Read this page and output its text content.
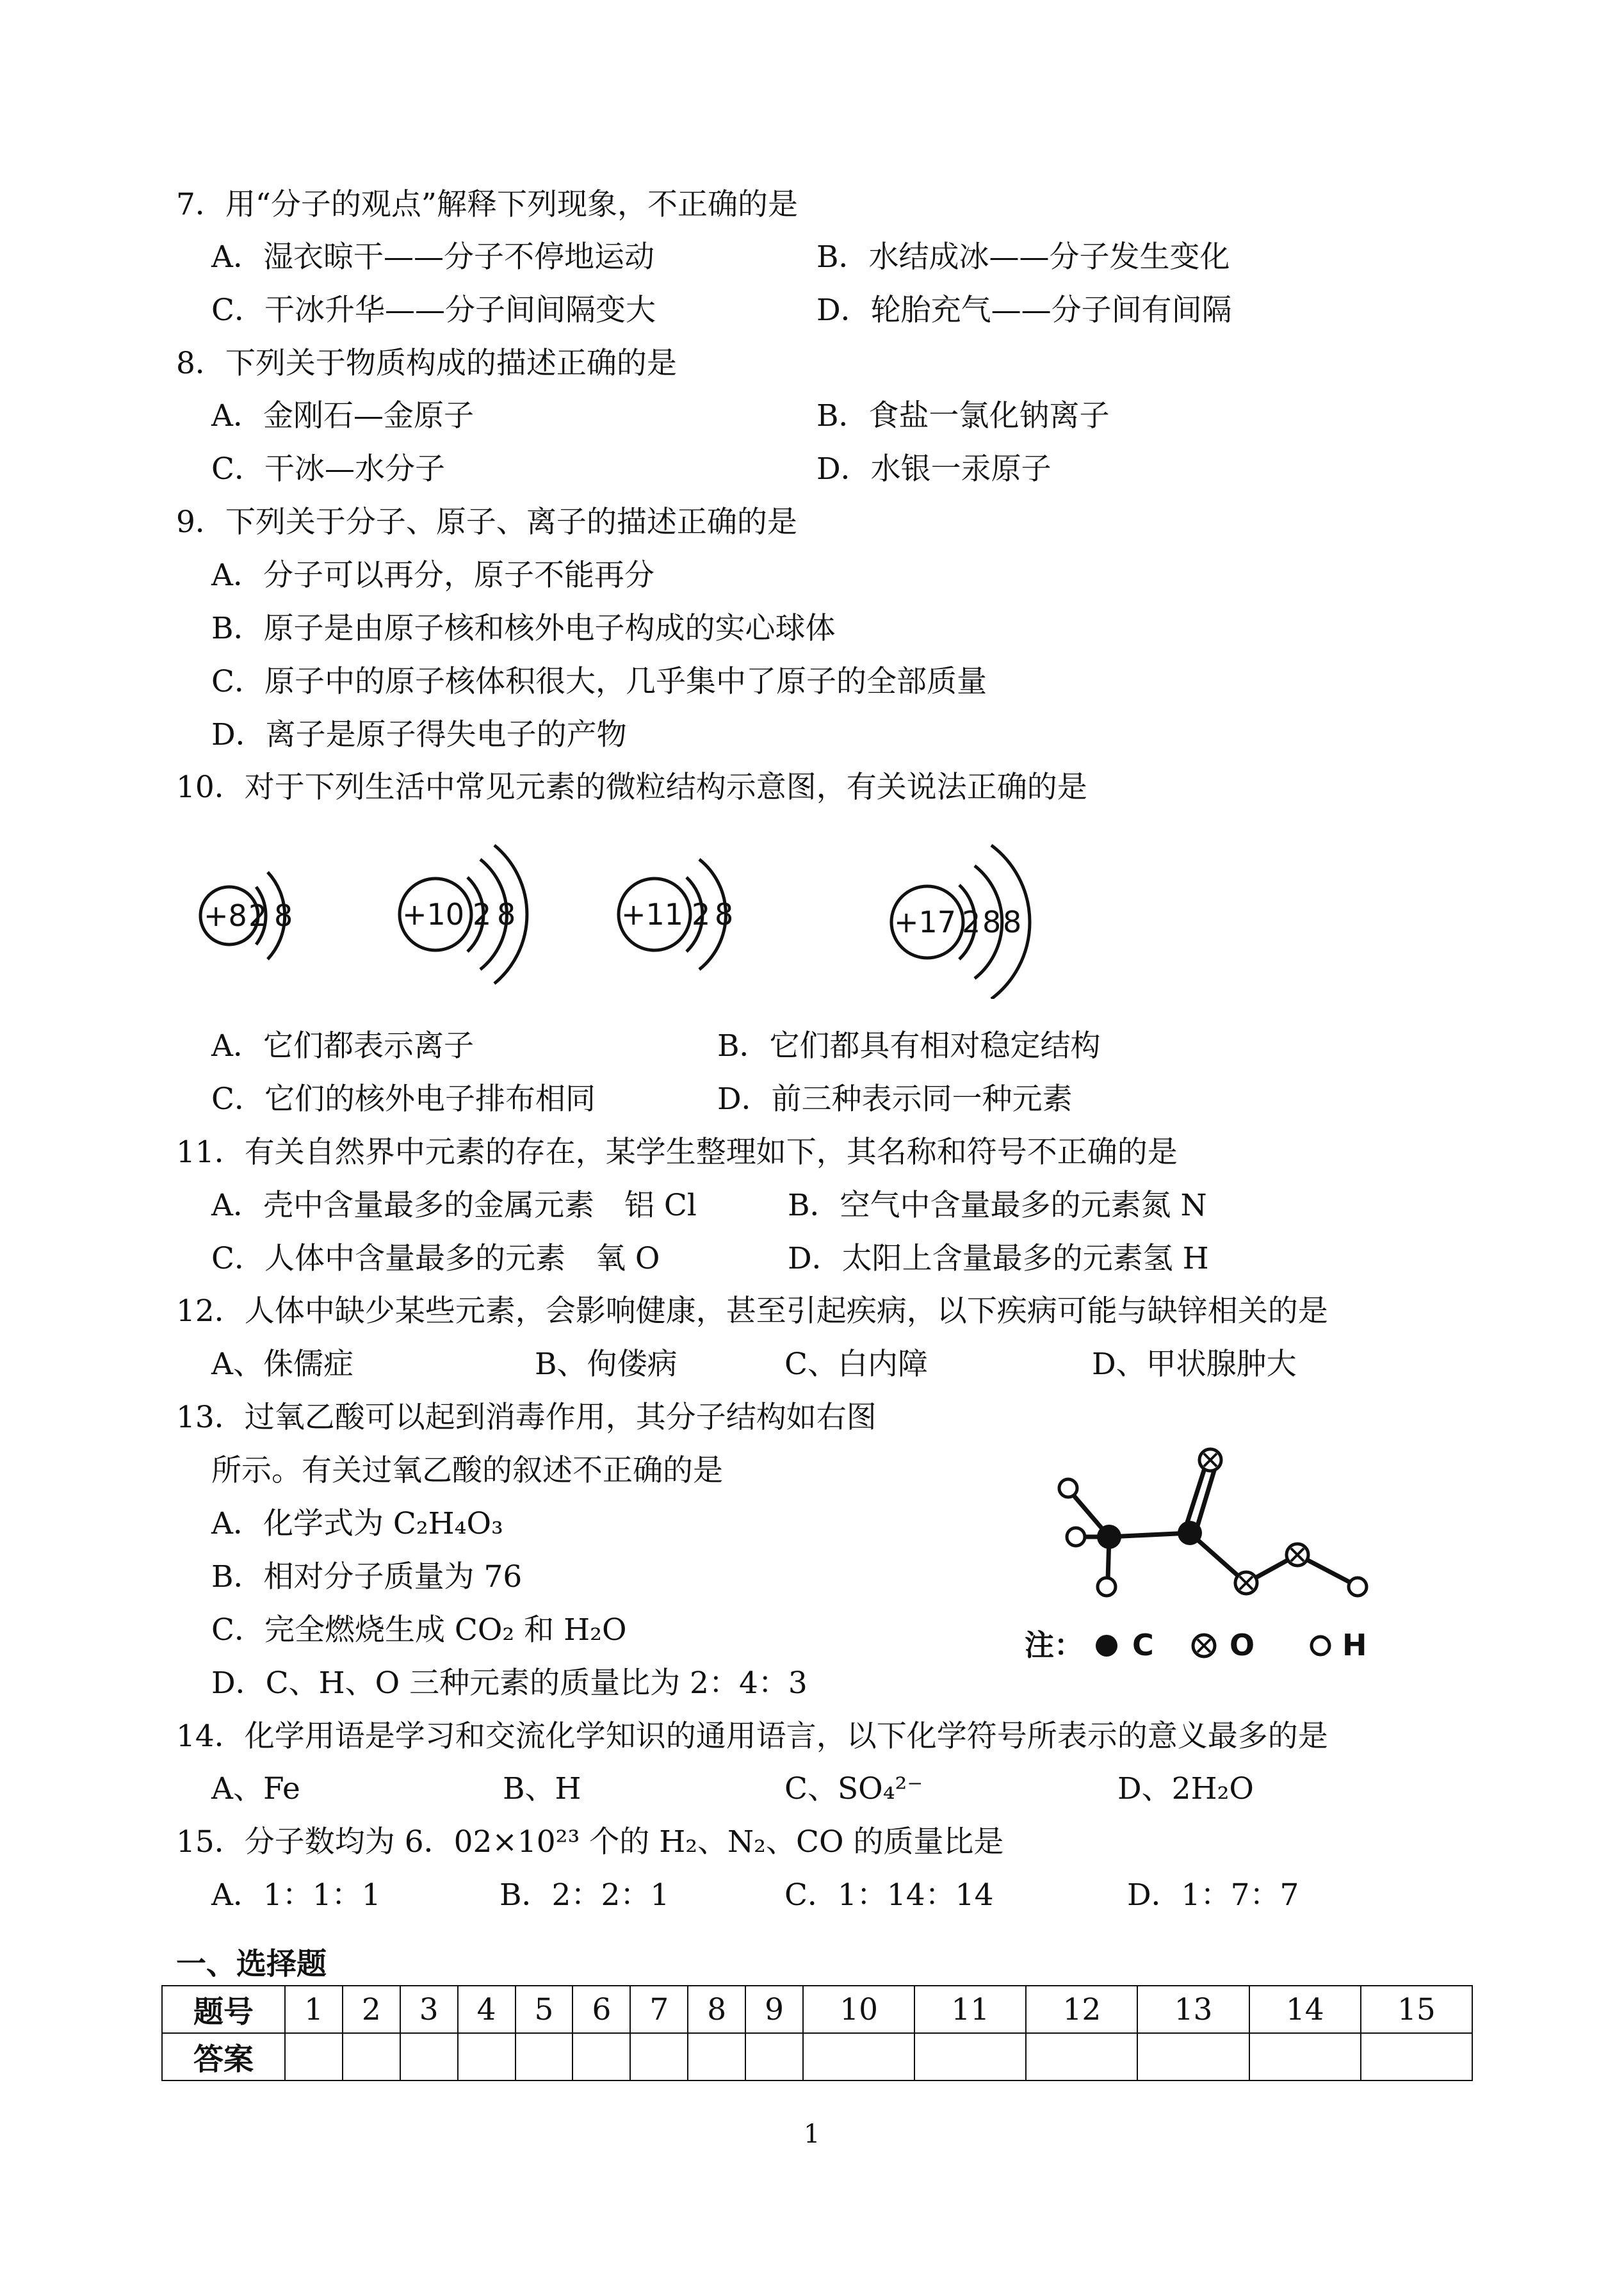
7．用“分子的观点”解释下列现象，不正确的是
A．湿衣晾干——分子不停地运动	B．水结成冰——分子发生变化
C．干冰升华——分子间间隔变大	D．轮胎充气——分子间有间隔
8．下列关于物质构成的描述正确的是
A．金刚石—金原子	B．食盐一氯化钠离子
C．干冰—水分子	D．水银一汞原子
9．下列关于分子、原子、离子的描述正确的是
A．分子可以再分，原子不能再分
B．原子是由原子核和核外电子构成的实心球体
C．原子中的原子核体积很大，几乎集中了原子的全部质量
D．离子是原子得失电子的产物
10．对于下列生活中常见元素的微粒结构示意图，有关说法正确的是
+8 2 8	+10 2 8	+11 2 8	+17 2 8 8
A．它们都表示离子	B．它们都具有相对稳定结构
C．它们的核外电子排布相同	D．前三种表示同一种元素
11．有关自然界中元素的存在，某学生整理如下，其名称和符号不正确的是
A．壳中含量最多的金属元素　铝 Cl	B．空气中含量最多的元素氮 N
C．人体中含量最多的元素　氧 O	D．太阳上含量最多的元素氢 H
12．人体中缺少某些元素，会影响健康，甚至引起疾病，以下疾病可能与缺锌相关的是
A、侏儒症	B、佝偻病	C、白内障	D、甲状腺肿大
13．过氧乙酸可以起到消毒作用，其分子结构如右图
所示。有关过氧乙酸的叙述不正确的是
A．化学式为 C₂H₄O₃
B．相对分子质量为 76
C．完全燃烧生成 CO₂ 和 H₂O
D．C、H、O 三种元素的质量比为 2：4：3
注： C	O	H
14．化学用语是学习和交流化学知识的通用语言，以下化学符号所表示的意义最多的是
A、Fe	B、H	C、SO₄²⁻	D、2H₂O
15．分子数均为 6．02×10²³ 个的 H₂、N₂、CO 的质量比是
A．1：1：1	B．2：2：1	C．1：14：14	D．1：7：7
一、选择题
题号	1	2	3	4	5	6	7	8	9	10	11	12	13	14	15
答案															
1
